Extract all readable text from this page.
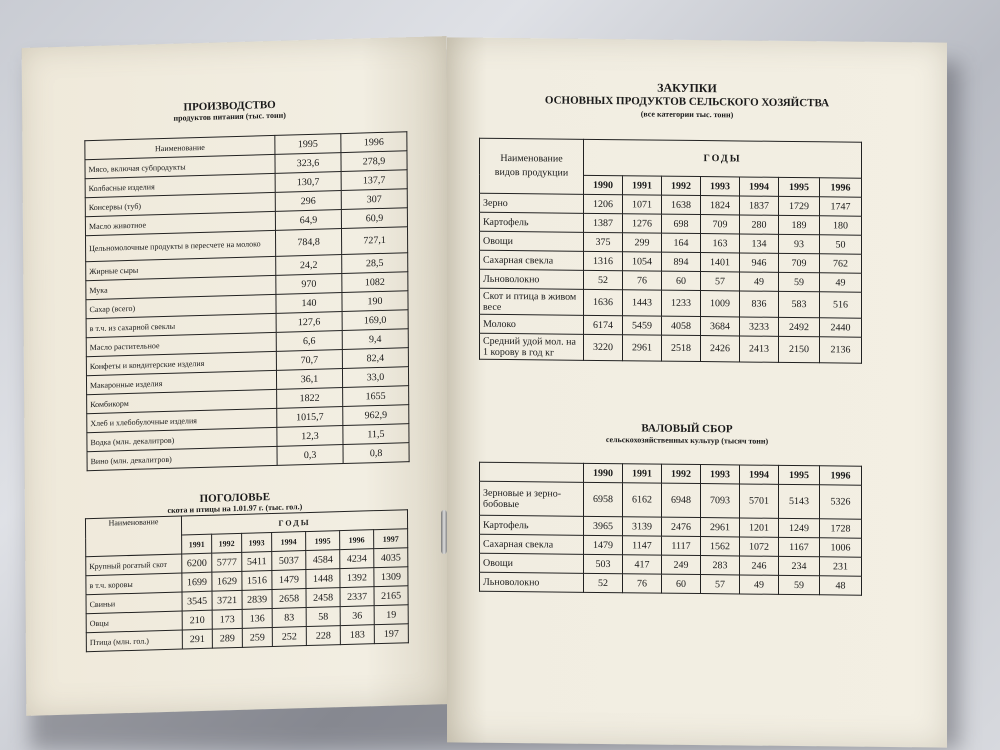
ПРОИЗВОДСТВО
продуктов питания (тыс. тонн)
Наименование	1995	1996
Мясо, включая субпродукты	323,6	278,9
Колбасные изделия	130,7	137,7
Консервы (туб)	296	307
Масло животное	64,9	60,9
Цельномолочные продукты в пересчете на молоко	784,8	727,1
Жирные сыры	24,2	28,5
Мука	970	1082
Сахар (всего)	140	190
в т.ч. из сахарной свеклы	127,6	169,0
Масло растительное	6,6	9,4
Конфеты и кондитерские изделия	70,7	82,4
Макаронные изделия	36,1	33,0
Комбикорм	1822	1655
Хлеб и хлебобулочные изделия	1015,7	962,9
Водка (млн. декалитров)	12,3	11,5
Вино (млн. декалитров)	0,3	0,8
ПОГОЛОВЬЕ
скота и птицы на 1.01.97 г. (тыс. гол.)
Наименование	ГОДЫ						
	1991	1992	1993	1994	1995	1996	1997
Крупный рогатый скот	6200	5777	5411	5037	4584	4234	4035
в т.ч. коровы	1699	1629	1516	1479	1448	1392	1309
Свиньи	3545	3721	2839	2658	2458	2337	2165
Овцы	210	173	136	83	58	36	19
Птица (млн. гол.)	291	289	259	252	228	183	197
ЗАКУПКИ
ОСНОВНЫХ ПРОДУКТОВ СЕЛЬСКОГО ХОЗЯЙСТВА
(все категории тыс. тонн)
Наименование
видов продукции	ГОДЫ						
	1990	1991	1992	1993	1994	1995	1996
Зерно	1206	1071	1638	1824	1837	1729	1747
Картофель	1387	1276	698	709	280	189	180
Овощи	375	299	164	163	134	93	50
Сахарная свекла	1316	1054	894	1401	946	709	762
Льноволокно	52	76	60	57	49	59	49
Скот и птица в живом весе	1636	1443	1233	1009	836	583	516
Молоко	6174	5459	4058	3684	3233	2492	2440
Средний удой мол. на 1 корову в год кг	3220	2961	2518	2426	2413	2150	2136
ВАЛОВЫЙ СБОР
сельскохозяйственных культур (тысяч тонн)
	1990	1991	1992	1993	1994	1995	1996
Зерновые и зерно-бобовые	6958	6162	6948	7093	5701	5143	5326
Картофель	3965	3139	2476	2961	1201	1249	1728
Сахарная свекла	1479	1147	1117	1562	1072	1167	1006
Овощи	503	417	249	283	246	234	231
Льноволокно	52	76	60	57	49	59	48
